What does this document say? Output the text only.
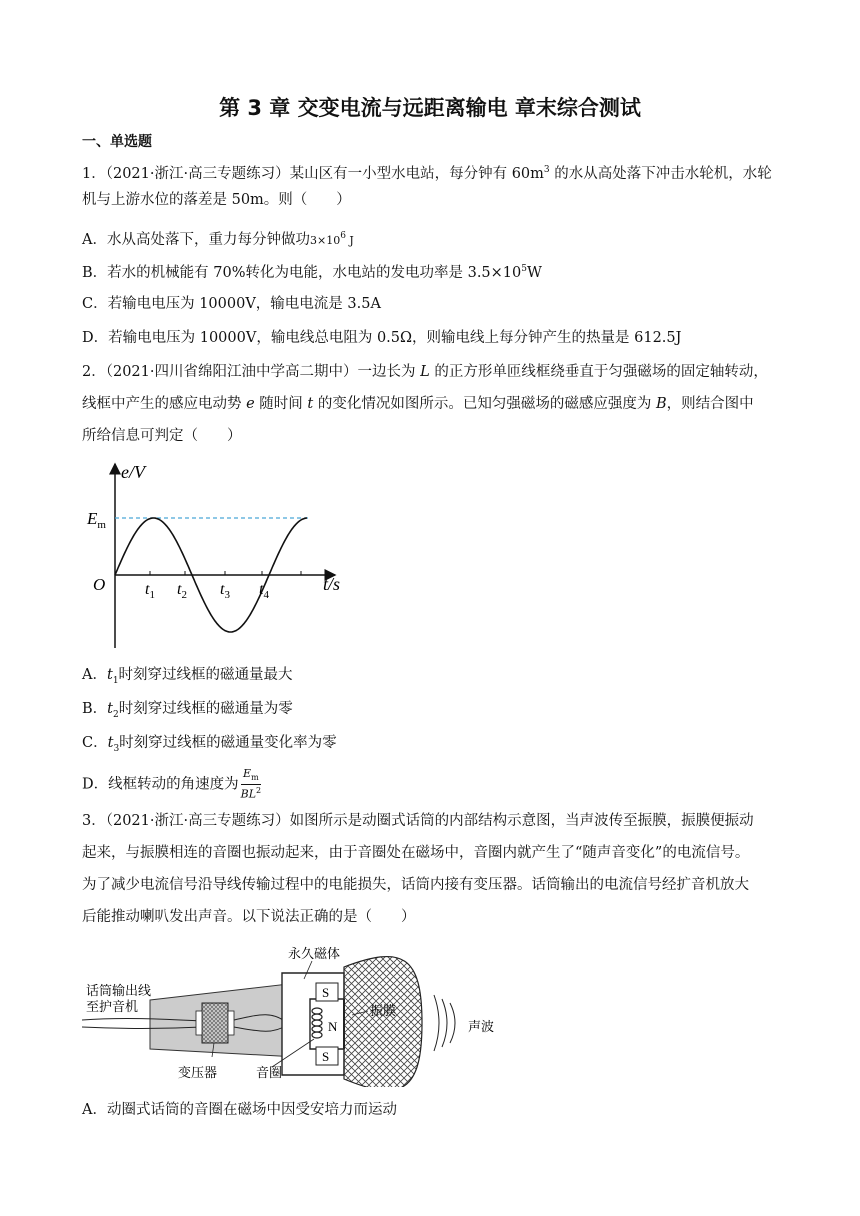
第 3 章 交变电流与远距离输电 章末综合测试
一、单选题
1．（2021·浙江·高三专题练习）某山区有一小型水电站，每分钟有 $60m^3$ 的水从高处落下冲击水轮机，水轮
机与上游水位的落差是 50m。则（　　）
A．水从高处落下，重力每分钟做功$3\times 10^6$ J
B．若水的机械能有 70%转化为电能，水电站的发电功率是 $3.5\times 10^5W$
C．若输电电压为 10000V，输电电流是 3.5A
D．若输电电压为 10000V，输电线总电阻为 0.5Ω，则输电线上每分钟产生的热量是 612.5J
2．（2021·四川省绵阳江油中学高二期中）一边长为 L 的正方形单匝线框绕垂直于匀强磁场的固定轴转动，
线框中产生的感应电动势 e 随时间 t 的变化情况如图所示。已知匀强磁场的磁感应强度为 B，则结合图中
所给信息可判定（　　）
e/V
$E_m$
O	t/s
$t_1$ $t_2$ $t_3$ $t_4$
A．$t_1$时刻穿过线框的磁通量最大
B．$t_2$时刻穿过线框的磁通量为零
C．$t_3$时刻穿过线框的磁通量变化率为零
D．线框转动的角速度为 $\frac{E_m}{BL^2}$
3．（2021·浙江·高三专题练习）如图所示是动圈式话筒的内部结构示意图，当声波传至振膜，振膜便振动
起来，与振膜相连的音圈也振动起来，由于音圈处在磁场中，音圈内就产生了“随声音变化”的电流信号。
为了减少电流信号沿导线传输过程中的电能损失，话筒内接有变压器。话筒输出的电流信号经扩音机放大
后能推动喇叭发出声音。以下说法正确的是（　　）
S
S
N
话筒输出线
至护音机
永久磁体
振膜
声波
变压器	音圈
A．动圈式话筒的音圈在磁场中因受安培力而运动
